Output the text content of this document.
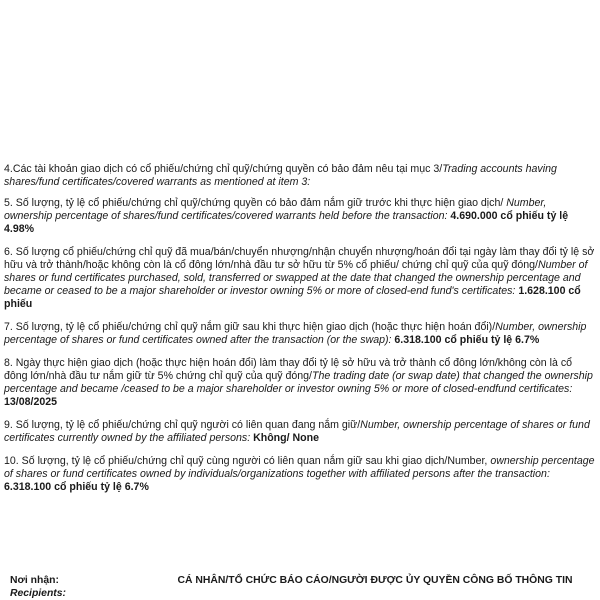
4.Các tài khoản giao dịch có cổ phiếu/chứng chỉ quỹ/chứng quyền có bảo đảm nêu tại mục 3/Trading accounts having shares/fund certificates/covered warrants as mentioned at item 3:

5. Số lượng, tỷ lệ cổ phiếu/chứng chỉ quỹ/chứng quyền có bảo đảm nắm giữ trước khi thực hiện giao dịch/ Number, ownership percentage of shares/fund certificates/covered warrants held before the transaction: 4.690.000 cổ phiếu tỷ lệ 4.98%

6. Số lượng cổ phiếu/chứng chỉ quỹ đã mua/bán/chuyển nhượng/nhận chuyển nhượng/hoán đổi tại ngày làm thay đổi tỷ lệ sở hữu và trở thành/hoặc không còn là cổ đông lớn/nhà đầu tư sở hữu từ 5% cổ phiếu/ chứng chỉ quỹ của quỹ đóng/Number of shares or fund certificates purchased, sold, transferred or swapped at the date that changed the ownership percentage and became or ceased to be a major shareholder or investor owning 5% or more of closed-end fund's certificates: 1.628.100 cổ phiếu

7. Số lượng, tỷ lệ cổ phiếu/chứng chỉ quỹ nắm giữ sau khi thực hiện giao dịch (hoặc thực hiện hoán đổi)/Number, ownership percentage of shares or fund certificates owned after the transaction (or the swap): 6.318.100 cổ phiếu tỷ lệ 6.7%

8. Ngày thực hiện giao dịch (hoặc thực hiện hoán đổi) làm thay đổi tỷ lệ sở hữu và trở thành cổ đông lớn/không còn là cổ đông lớn/nhà đầu tư nắm giữ từ 5% chứng chỉ quỹ của quỹ đóng/The trading date (or swap date) that changed the ownership percentage and became /ceased to be a major shareholder or investor owning 5% or more of closed-endfund certificates: 13/08/2025

9. Số lượng, tỷ lệ cổ phiếu/chứng chỉ quỹ người có liên quan đang nắm giữ/Number, ownership percentage of shares or fund certificates currently owned by the affiliated persons: Không/ None

10. Số lượng, tỷ lệ cổ phiếu/chứng chỉ quỹ cùng người có liên quan nắm giữ sau khi giao dịch/Number, ownership percentage of shares or fund certificates owned by individuals/organizations together with affiliated persons after the transaction: 6.318.100 cổ phiếu tỷ lệ 6.7%

Nơi nhận:
Recipients:
CÁ NHÂN/TỔ CHỨC BÁO CÁO/NGƯỜI ĐƯỢC ỦY QUYỀN CÔNG BỐ THÔNG TIN
